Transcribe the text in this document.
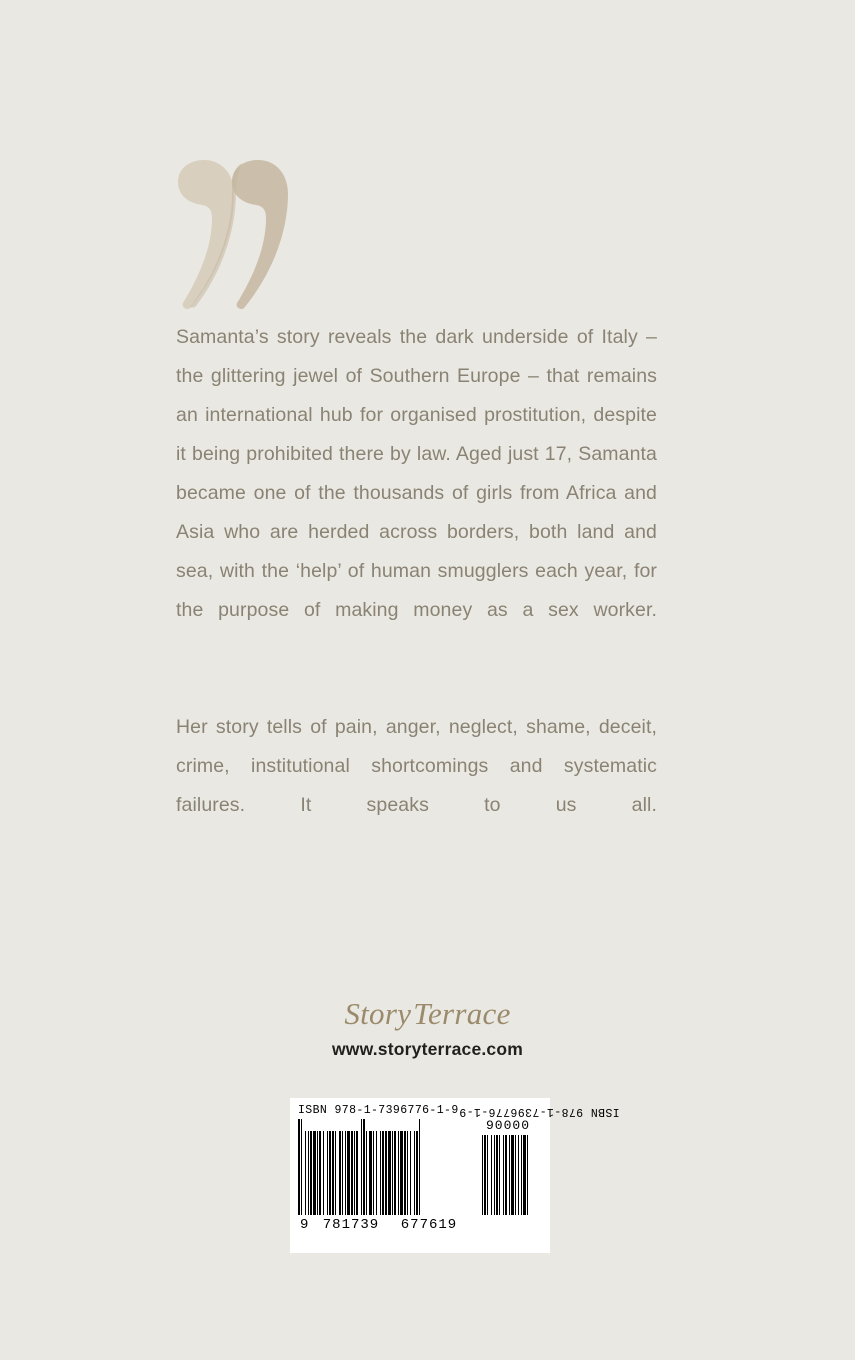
Samanta’s story reveals the dark underside of Italy – the glittering jewel of Southern Europe – that remains an international hub for organised prostitution, despite it being prohibited there by law. Aged just 17, Samanta became one of the thousands of girls from Africa and Asia who are herded across borders, both land and sea, with the ‘help’ of human smugglers each year, for the purpose of making money as a sex worker.

Her story tells of pain, anger, neglect, shame, deceit, crime, institutional shortcomings and systematic failures. It speaks to us all.

StoryTerrace
www.storyterrace.com
ISBN 978-1-7396776-1-9 ISBN 978-1-7396776-1-9
9 781739	677619
90000
